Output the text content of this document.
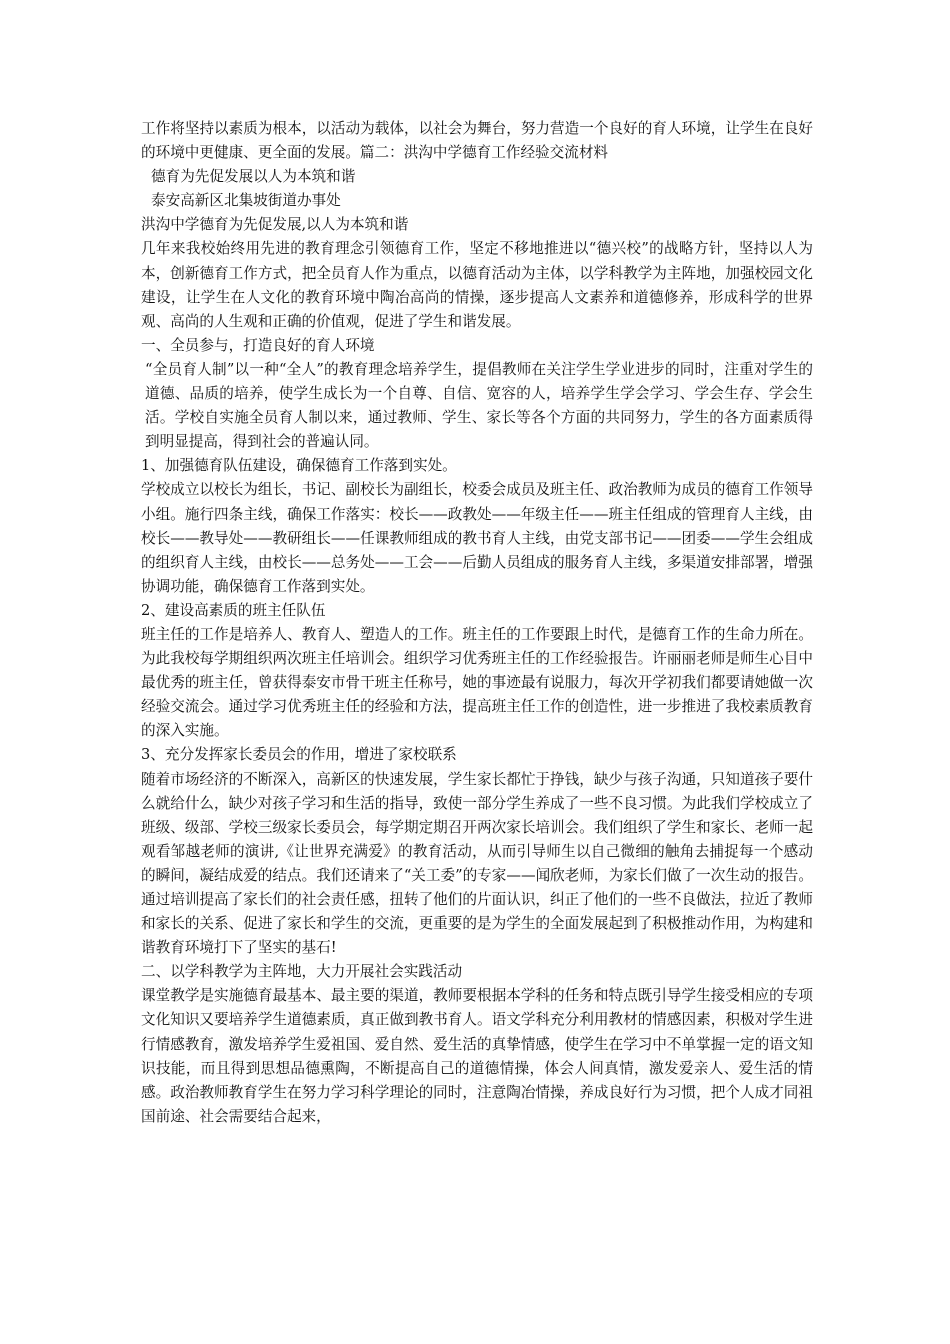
工作将坚持以素质为根本，以活动为载体，以社会为舞台，努力营造一个良好的育人环境，让学生在良好的环境中更健康、更全面的发展。篇二：洪沟中学德育工作经验交流材料

德育为先促发展以人为本筑和谐

泰安高新区北集坡街道办事处

洪沟中学德育为先促发展,以人为本筑和谐

几年来我校始终用先进的教育理念引领德育工作，坚定不移地推进以“德兴校”的战略方针，坚持以人为本，创新德育工作方式，把全员育人作为重点，以德育活动为主体，以学科教学为主阵地，加强校园文化建设，让学生在人文化的教育环境中陶冶高尚的情操，逐步提高人文素养和道德修养，形成科学的世界观、高尚的人生观和正确的价值观，促进了学生和谐发展。

一、全员参与，打造良好的育人环境

“全员育人制”以一种“全人”的教育理念培养学生，提倡教师在关注学生学业进步的同时，注重对学生的道德、品质的培养，使学生成长为一个自尊、自信、宽容的人，培养学生学会学习、学会生存、学会生活。学校自实施全员育人制以来，通过教师、学生、家长等各个方面的共同努力，学生的各方面素质得到明显提高，得到社会的普遍认同。

1、加强德育队伍建设，确保德育工作落到实处。

学校成立以校长为组长，书记、副校长为副组长，校委会成员及班主任、政治教师为成员的德育工作领导小组。施行四条主线，确保工作落实：校长——政教处——年级主任——班主任组成的管理育人主线，由校长——教导处——教研组长——任课教师组成的教书育人主线，由党支部书记——团委——学生会组成的组织育人主线，由校长——总务处——工会——后勤人员组成的服务育人主线，多渠道安排部署，增强协调功能，确保德育工作落到实处。

2、建设高素质的班主任队伍

班主任的工作是培养人、教育人、塑造人的工作。班主任的工作要跟上时代，是德育工作的生命力所在。为此我校每学期组织两次班主任培训会。组织学习优秀班主任的工作经验报告。许丽丽老师是师生心目中最优秀的班主任，曾获得泰安市骨干班主任称号，她的事迹最有说服力，每次开学初我们都要请她做一次经验交流会。通过学习优秀班主任的经验和方法，提高班主任工作的创造性，进一步推进了我校素质教育的深入实施。

3、充分发挥家长委员会的作用，增进了家校联系

随着市场经济的不断深入，高新区的快速发展，学生家长都忙于挣钱，缺少与孩子沟通，只知道孩子要什么就给什么，缺少对孩子学习和生活的指导，致使一部分学生养成了一些不良习惯。为此我们学校成立了班级、级部、学校三级家长委员会，每学期定期召开两次家长培训会。我们组织了学生和家长、老师一起观看邹越老师的演讲,《让世界充满爱》的教育活动，从而引导师生以自己微细的触角去捕捉每一个感动的瞬间，凝结成爱的结点。我们还请来了“关工委”的专家——闻欣老师，为家长们做了一次生动的报告。通过培训提高了家长们的社会责任感，扭转了他们的片面认识，纠正了他们的一些不良做法，拉近了教师和家长的关系、促进了家长和学生的交流，更重要的是为学生的全面发展起到了积极推动作用，为构建和谐教育环境打下了坚实的基石!

二、以学科教学为主阵地，大力开展社会实践活动

课堂教学是实施德育最基本、最主要的渠道，教师要根据本学科的任务和特点既引导学生接受相应的专项文化知识又要培养学生道德素质，真正做到教书育人。语文学科充分利用教材的情感因素，积极对学生进行情感教育，激发培养学生爱祖国、爱自然、爱生活的真挚情感，使学生在学习中不单掌握一定的语文知识技能，而且得到思想品德熏陶，不断提高自己的道德情操，体会人间真情，激发爱亲人、爱生活的情感。政治教师教育学生在努力学习科学理论的同时，注意陶冶情操，养成良好行为习惯，把个人成才同祖国前途、社会需要结合起来，
